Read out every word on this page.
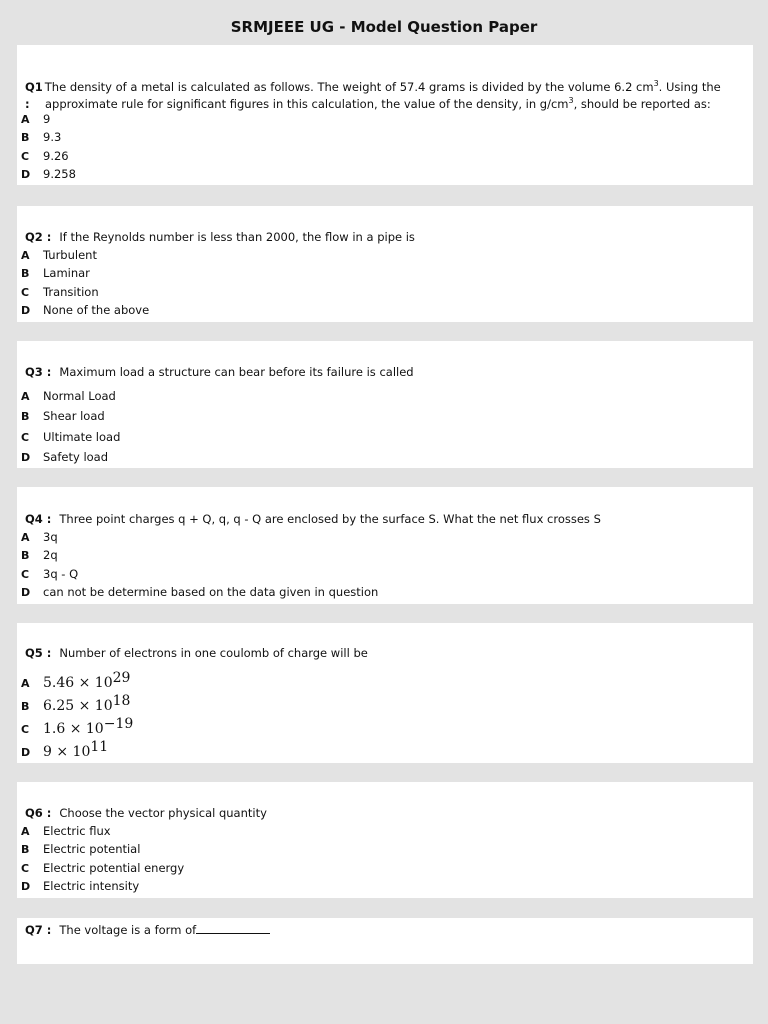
SRMJEEE UG - Model Question Paper
Q1 The density of a metal is calculated as follows. The weight of 57.4 grams is divided by the volume 6.2 $cm^3$. Using the
: approximate rule for significant figures in this calculation, the value of the density, in $g/cm^3$, should be reported as:
A 9
B 9.3
C 9.26
D 9.258
Q2 : If the Reynolds number is less than 2000, the flow in a pipe is
A Turbulent
B Laminar
C Transition
D None of the above
Q3 : Maximum load a structure can bear before its failure is called
A Normal Load
B Shear load
C Ultimate load
D Safety load
Q4 : Three point charges q + Q, q, q - Q are enclosed by the surface S. What the net flux crosses S
A 3q
B 2q
C 3q - Q
D can not be determine based on the data given in question
Q5 : Number of electrons in one coulomb of charge will be
A $5.46 \times 10^{29}$
B $6.25 \times 10^{18}$
C $1.6 \times 10^{-19}$
D $9 \times 10^{11}$
Q6 : Choose the vector physical quantity
A Electric flux
B Electric potential
C Electric potential energy
D Electric intensity
Q7 : The voltage is a form of
